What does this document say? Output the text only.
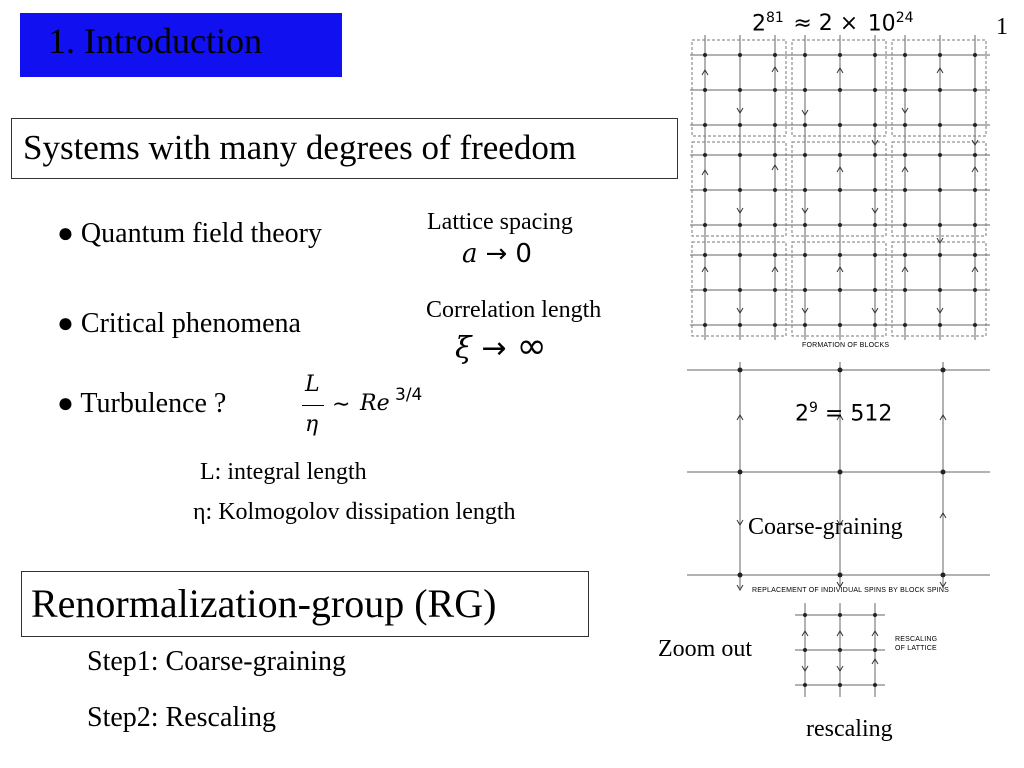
1. Introduction	1
Systems with many degrees of freedom
● Quantum field theory	Lattice spacing
a → 0
● Critical phenomena	Correlation length
ξ → ∞
● Turbulence ?
L
η
∼ Re 3/4
L: integral length
η: Kolmogolov dissipation length
Renormalization-group (RG)
Step1: Coarse-graining
Step2: Rescaling
$2^{81} \approx 2 \times 10^{24}$
FORMATION OF BLOCKS
$2^9 = 512$
Coarse-graining
REPLACEMENT OF INDIVIDUAL SPINS BY BLOCK SPINS
RESCALING
OF LATTICE
Zoom out
rescaling
